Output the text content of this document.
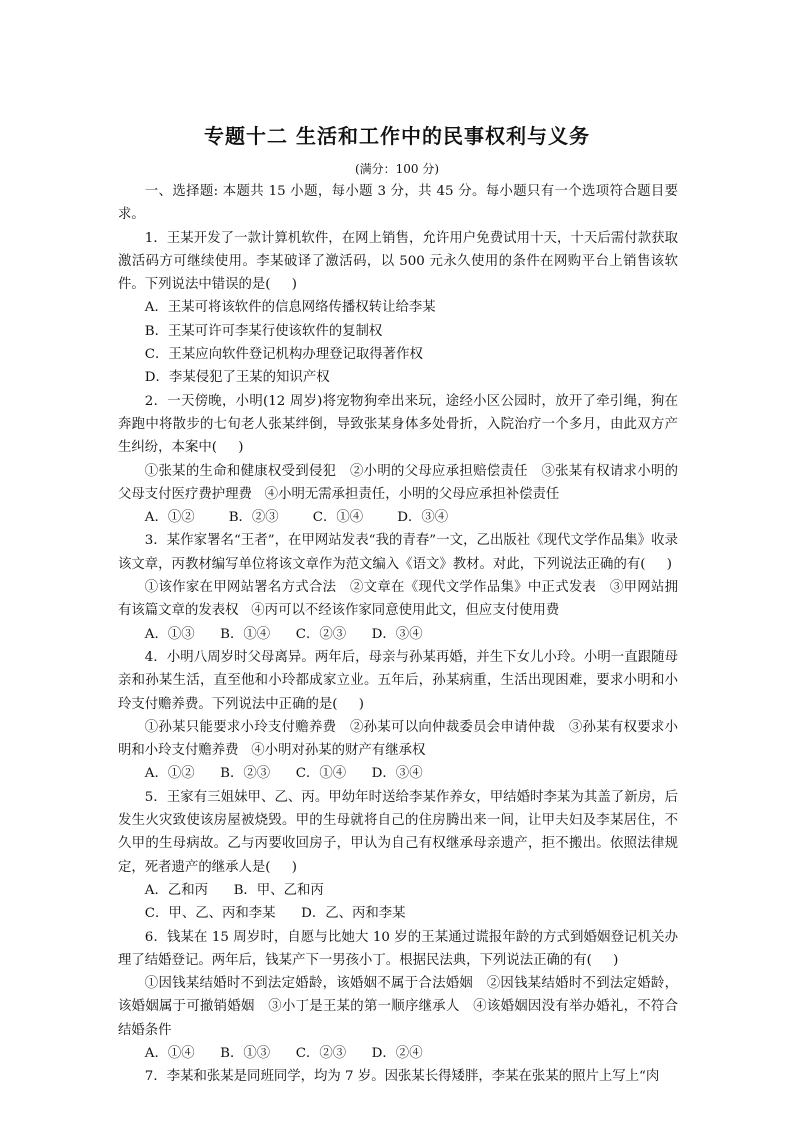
专题十二 生活和工作中的民事权利与义务
(满分：100 分)

一、选择题: 本题共 15 小题，每小题 3 分，共 45 分。每小题只有一个选项符合题目要求。

1．王某开发了一款计算机软件，在网上销售，允许用户免费试用十天，十天后需付款获取激活码方可继续使用。李某破译了激活码，以 500 元永久使用的条件在网购平台上销售该软件。下列说法中错误的是(     )

A．王某可将该软件的信息网络传播权转让给李某

B．王某可许可李某行使该软件的复制权

C．王某应向软件登记机构办理登记取得著作权

D．李某侵犯了王某的知识产权

2．一天傍晚，小明(12 周岁)将宠物狗牵出来玩，途经小区公园时，放开了牵引绳，狗在奔跑中将散步的七旬老人张某绊倒，导致张某身体多处骨折，入院治疗一个多月，由此双方产生纠纷，本案中(     )

①张某的生命和健康权受到侵犯   ②小明的父母应承担赔偿责任   ③张某有权请求小明的父母支付医疗费护理费   ④小明无需承担责任，小明的父母应承担补偿责任

A．①②        B．②③        C．①④        D．③④

3．某作家署名“王者”，在甲网站发表“我的青春”一文，乙出版社《现代文学作品集》收录该文章，丙教材编写单位将该文章作为范文编入《语文》教材。对此，下列说法正确的有(     )

①该作家在甲网站署名方式合法   ②文章在《现代文学作品集》中正式发表   ③甲网站拥有该篇文章的发表权   ④丙可以不经该作家同意使用此文，但应支付使用费

A．①③      B．①④      C．②③      D．③④

4．小明八周岁时父母离异。两年后，母亲与孙某再婚，并生下女儿小玲。小明一直跟随母亲和孙某生活，直至他和小玲都成家立业。五年后，孙某病重，生活出现困难，要求小明和小玲支付赡养费。下列说法中正确的是(     )

①孙某只能要求小玲支付赡养费   ②孙某可以向仲裁委员会申请仲裁   ③孙某有权要求小明和小玲支付赡养费   ④小明对孙某的财产有继承权

A．①②      B．②③      C．①④      D．③④

5．王家有三姐妹甲、乙、丙。甲幼年时送给李某作养女，甲结婚时李某为其盖了新房，后发生火灾致使该房屋被烧毁。甲的生母就将自己的住房腾出来一间，让甲夫妇及李某居住，不久甲的生母病故。乙与丙要收回房子，甲认为自己有权继承母亲遗产，拒不搬出。依照法律规定，死者遗产的继承人是(     )

A．乙和丙      B．甲、乙和丙

C．甲、乙、丙和李某      D．乙、丙和李某

6．钱某在 15 周岁时，自愿与比她大 10 岁的王某通过谎报年龄的方式到婚姻登记机关办理了结婚登记。两年后，钱某产下一男孩小丁。根据民法典，下列说法正确的有(     )

①因钱某结婚时不到法定婚龄，该婚姻不属于合法婚姻   ②因钱某结婚时不到法定婚龄，该婚姻属于可撤销婚姻   ③小丁是王某的第一顺序继承人   ④该婚姻因没有举办婚礼，不符合结婚条件

A．①④      B．①③      C．②③      D．②④

7．李某和张某是同班同学，均为 7 岁。因张某长得矮胖，李某在张某的照片上写上“肉
